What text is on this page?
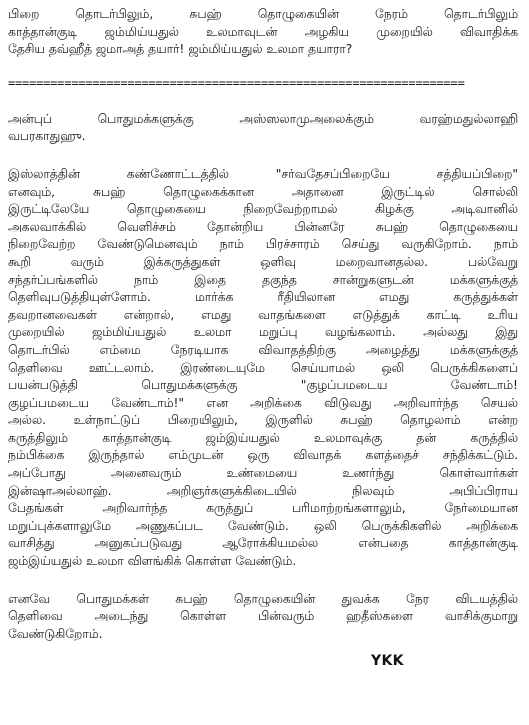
பிறை தொடர்பிலும், சுபஹ் தொழுகையின் நேரம் தொடர்பிலும்
காத்தான்குடி ஜம்மிய்யதுல் உலமாவுடன் அழகிய முறையில் விவாதிக்க
தேசிய தவ்ஹீத் ஜமாஅத் தயார்! ஜம்மிய்யதுல் உலமா தயாரா?
=================================================================
அன்புப் பொதுமக்களுக்கு அஸ்ஸலாமுஅலைக்கும் வரஹ்மதுல்லாஹி
வபரகாதுஹு.
இஸ்லாத்தின் கண்ணோட்டத்தில் "சர்வதேசப்பிறையே சத்தியப்பிறை"
எனவும், சுபஹ் தொழுகைக்கான அதானை இருட்டில் சொல்லி
இருட்டிலேயே தொழுகையை நிறைவேற்றாமல் கிழக்கு அடிவானில்
அகலவாக்கில் வெளிச்சம் தோன்றிய பின்னரே சுபஹ் தொழுகையை
நிறைவேற்ற வேண்டுமெனவும் நாம் பிரச்சாரம் செய்து வருகிறோம். நாம்
கூறி வரும் இக்கருத்துகள் ஒளிவு மறைவானதல்ல. பல்வேறு
சந்தர்ப்பங்களில் நாம் இதை தகுந்த சான்றுகளுடன் மக்களுக்குத்
தெளிவுபடுத்தியுள்ளோம். மார்க்க ரீதியிலான எமது கருத்துக்கள்
தவறானவைகள் என்றால், எமது வாதங்களை எடுத்துக் காட்டி உரிய
முறையில் ஜம்மிய்யதுல் உலமா மறுப்பு வழங்கலாம். அல்லது இது
தொடர்பில் எம்மை நேரடியாக விவாதத்திற்கு அழைத்து மக்களுக்குத்
தெளிவை ஊட்டலாம். இரண்டையுமே செய்யாமல் ஒலி பெருக்கிகளைப்
பயன்படுத்தி பொதுமக்களுக்கு "குழப்பமடைய வேண்டாம்!
குழப்பமடைய வேண்டாம்!" என அறிக்கை விடுவது அறிவார்ந்த செயல்
அல்ல. உள்நாட்டுப் பிறையிலும், இருளில் சுபஹ் தொழலாம் என்ற
கருத்திலும் காத்தான்குடி ஜம்இய்யதுல் உலமாவுக்கு தன் கருத்தில்
நம்பிக்கை இருந்தால் எம்முடன் ஒரு விவாதக் களத்தைச் சந்திக்கட்டும்.
அப்போது அனைவரும் உண்மையை உணர்ந்து கொள்வார்கள்
இன்ஷாஅல்லாஹ். அறிஞர்களுக்கிடையில் நிலவும் அபிப்பிராய
பேதங்கள் அறிவார்ந்த கருத்துப் பரிமாற்றங்களாலும், நேர்மையான
மறுப்புக்களாலுமே அணுகப்பட வேண்டும். ஒலி பெருக்கிகளில் அறிக்கை
வாசித்து அனுகப்படுவது ஆரோக்கியமல்ல என்பதை காத்தான்குடி
ஜம்இய்யதுல் உலமா விளங்கிக் கொள்ள வேண்டும்.
எனவே பொதுமக்கள் சுபஹ் தொழுகையின் துவக்க நேர விடயத்தில்
தெளிவை அடைந்து கொள்ள பின்வரும் ஹதீஸ்களை வாசிக்குமாறு
வேண்டுகிறோம்.
YKK
